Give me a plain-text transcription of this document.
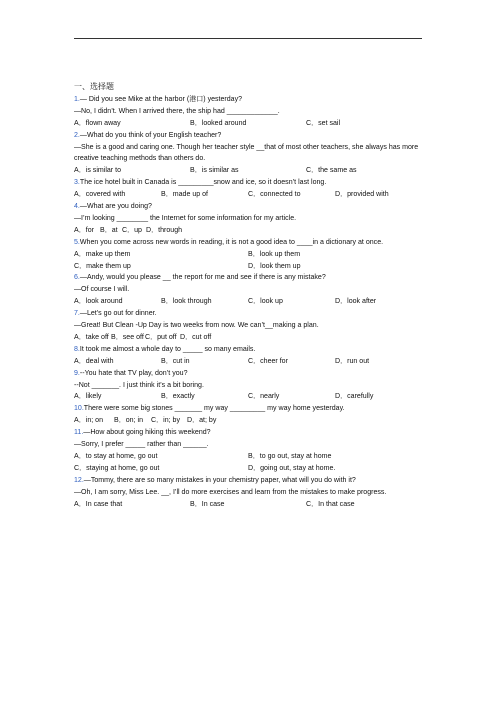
一、选择题
1.— Did you see Mike at the harbor (港口) yesterday?
—No, I didn’t. When I arrived there, the ship had _____________.
A．flown away	B．looked around	C．set sail
2.—What do you think of your English teacher?
—She is a good and caring one. Though her teacher style __that of most other teachers, she always has more creative teaching methods than others do.
A．is similar to	B．is similar as	C．the same as
3.The ice hotel built in Canada is _________snow and ice, so it doesn’t last long.
A．covered with	B．made up of	C．connected to	D．provided with
4.—What are you doing?
—I’m looking ________ the Internet for some information for my article.
A．for B．at C．up D．through
5.When you come across new words in reading, it is not a good idea to ____in a dictionary at once.
A．make up them	B．look up them
C．make them up	D．look them up
6.—Andy, would you please __ the report for me and see if there is any mistake?
—Of course I will.
A．look around	B．look through	C．look up	D．look after
7.—Let’s go out for dinner.
—Great! But Clean -Up Day is two weeks from now. We can’t__making a plan.
A．take off B．see off C．put off D．cut off
8.It took me almost a whole day to _____ so many emails.
A．deal with	B．cut in	C．cheer for	D．run out
9.--You hate that TV play, don’t you?
--Not _______. I just think it’s a bit boring.
A．likely	B．exactly	C．nearly	D．carefully
10.There were some big stones _______ my way _________ my way home yesterday.
A．in; on B．on; in C．in; by D．at; by
11.—How about going hiking this weekend?
—Sorry, I prefer _____ rather than ______.
A．to stay at home, go out	B．to go out, stay at home
C．staying at home, go out	D．going out, stay at home.
12.—Tommy, there are so many mistakes in your chemistry paper, what will you do with it?
—Oh, I am sorry, Miss Lee. __, I’ll do more exercises and learn from the mistakes to make progress.
A．In case that	B．In case	C．In that case
